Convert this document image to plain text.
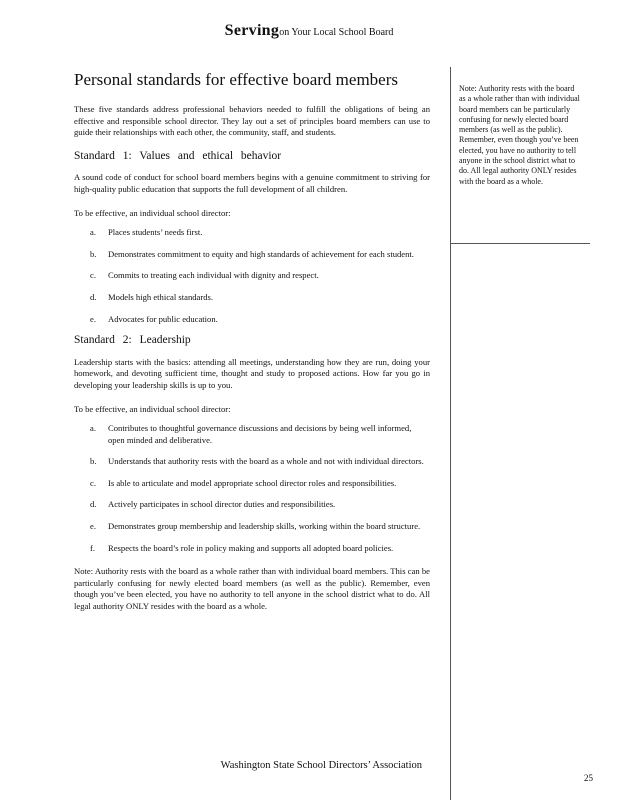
Servingon Your Local School Board
Personal standards for effective board members

These five standards address professional behaviors needed to fulfill the obligations of being an effective and responsible school director. They lay out a set of principles board members can use to guide their relationships with each other, the community, staff, and students.

Standard 1: Values and ethical behavior

A sound code of conduct for school board members begins with a genuine commitment to striving for high-quality public education that supports the full development of all children.

To be effective, an individual school director:

a. Places students’ needs first.
b. Demonstrates commitment to equity and high standards of achievement for each student.
c. Commits to treating each individual with dignity and respect.
d. Models high ethical standards.
e. Advocates for public education.
Standard 2: Leadership

Leadership starts with the basics: attending all meetings, understanding how they are run, doing your homework, and devoting sufficient time, thought and study to proposed actions. How far you go in developing your leadership skills is up to you.

To be effective, an individual school director:

a. Contributes to thoughtful governance discussions and decisions by being well informed, open minded and deliberative.
b. Understands that authority rests with the board as a whole and not with individual directors.
c. Is able to articulate and model appropriate school director roles and responsibilities.
d. Actively participates in school director duties and responsibilities.
e. Demonstrates group membership and leadership skills, working within the board structure.
f. Respects the board’s role in policy making and supports all adopted board policies.

Note: Authority rests with the board as a whole rather than with individual board members. This can be particularly confusing for newly elected board members (as well as the public). Remember, even though you’ve been elected, you have no authority to tell anyone in the school district what to do. All legal authority ONLY resides with the board as a whole.

Note: Authority rests with the board as a whole rather than with individual board members can be particularly confusing for newly elected board members (as well as the public). Remember, even though you’ve been elected, you have no authority to tell anyone in the school district what to do. All legal authority ONLY resides with the board as a whole.
Washington State School Directors’ Association
25
